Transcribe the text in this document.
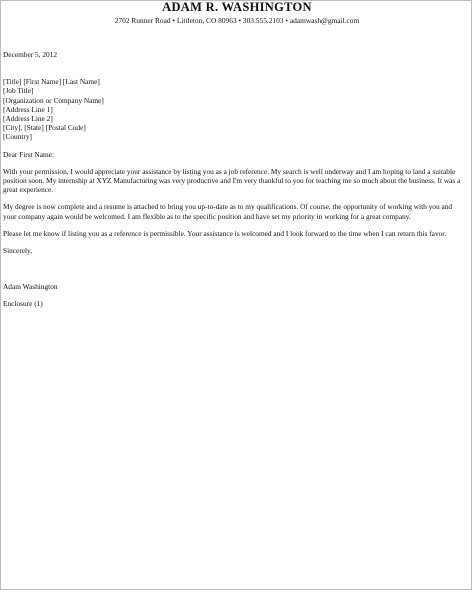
ADAM R. WASHINGTON
2702 Runner Road • Littleton, CO 80963 • 303.555.2103 • adamwash@gmail.com
December 5, 2012
[Title] [First Name] [Last Name]
[Job Title]
[Organization or Company Name]
[Address Line 1]
[Address Line 2]
[City], [State] [Postal Code]
[Country]
Dear First Name:

With your permission, I would appreciate your assistance by listing you as a job reference. My search is well underway and I am hoping to land a suitable position soon. My internship at XYZ Manufacturing was very productive and I'm very thankful to you for teaching me so much about the business. It was a great experience.

My degree is now complete and a resume is attached to bring you up-to-date as to my qualifications. Of course, the opportunity of working with you and your company again would be welcomed. I am flexible as to the specific position and have set my priority in working for a great company.

Please let me know if listing you as a reference is permissible. Your assistance is welcomed and I look forward to the time when I can return this favor.

Sincerely,
Adam Washington
Enclosure (1)
